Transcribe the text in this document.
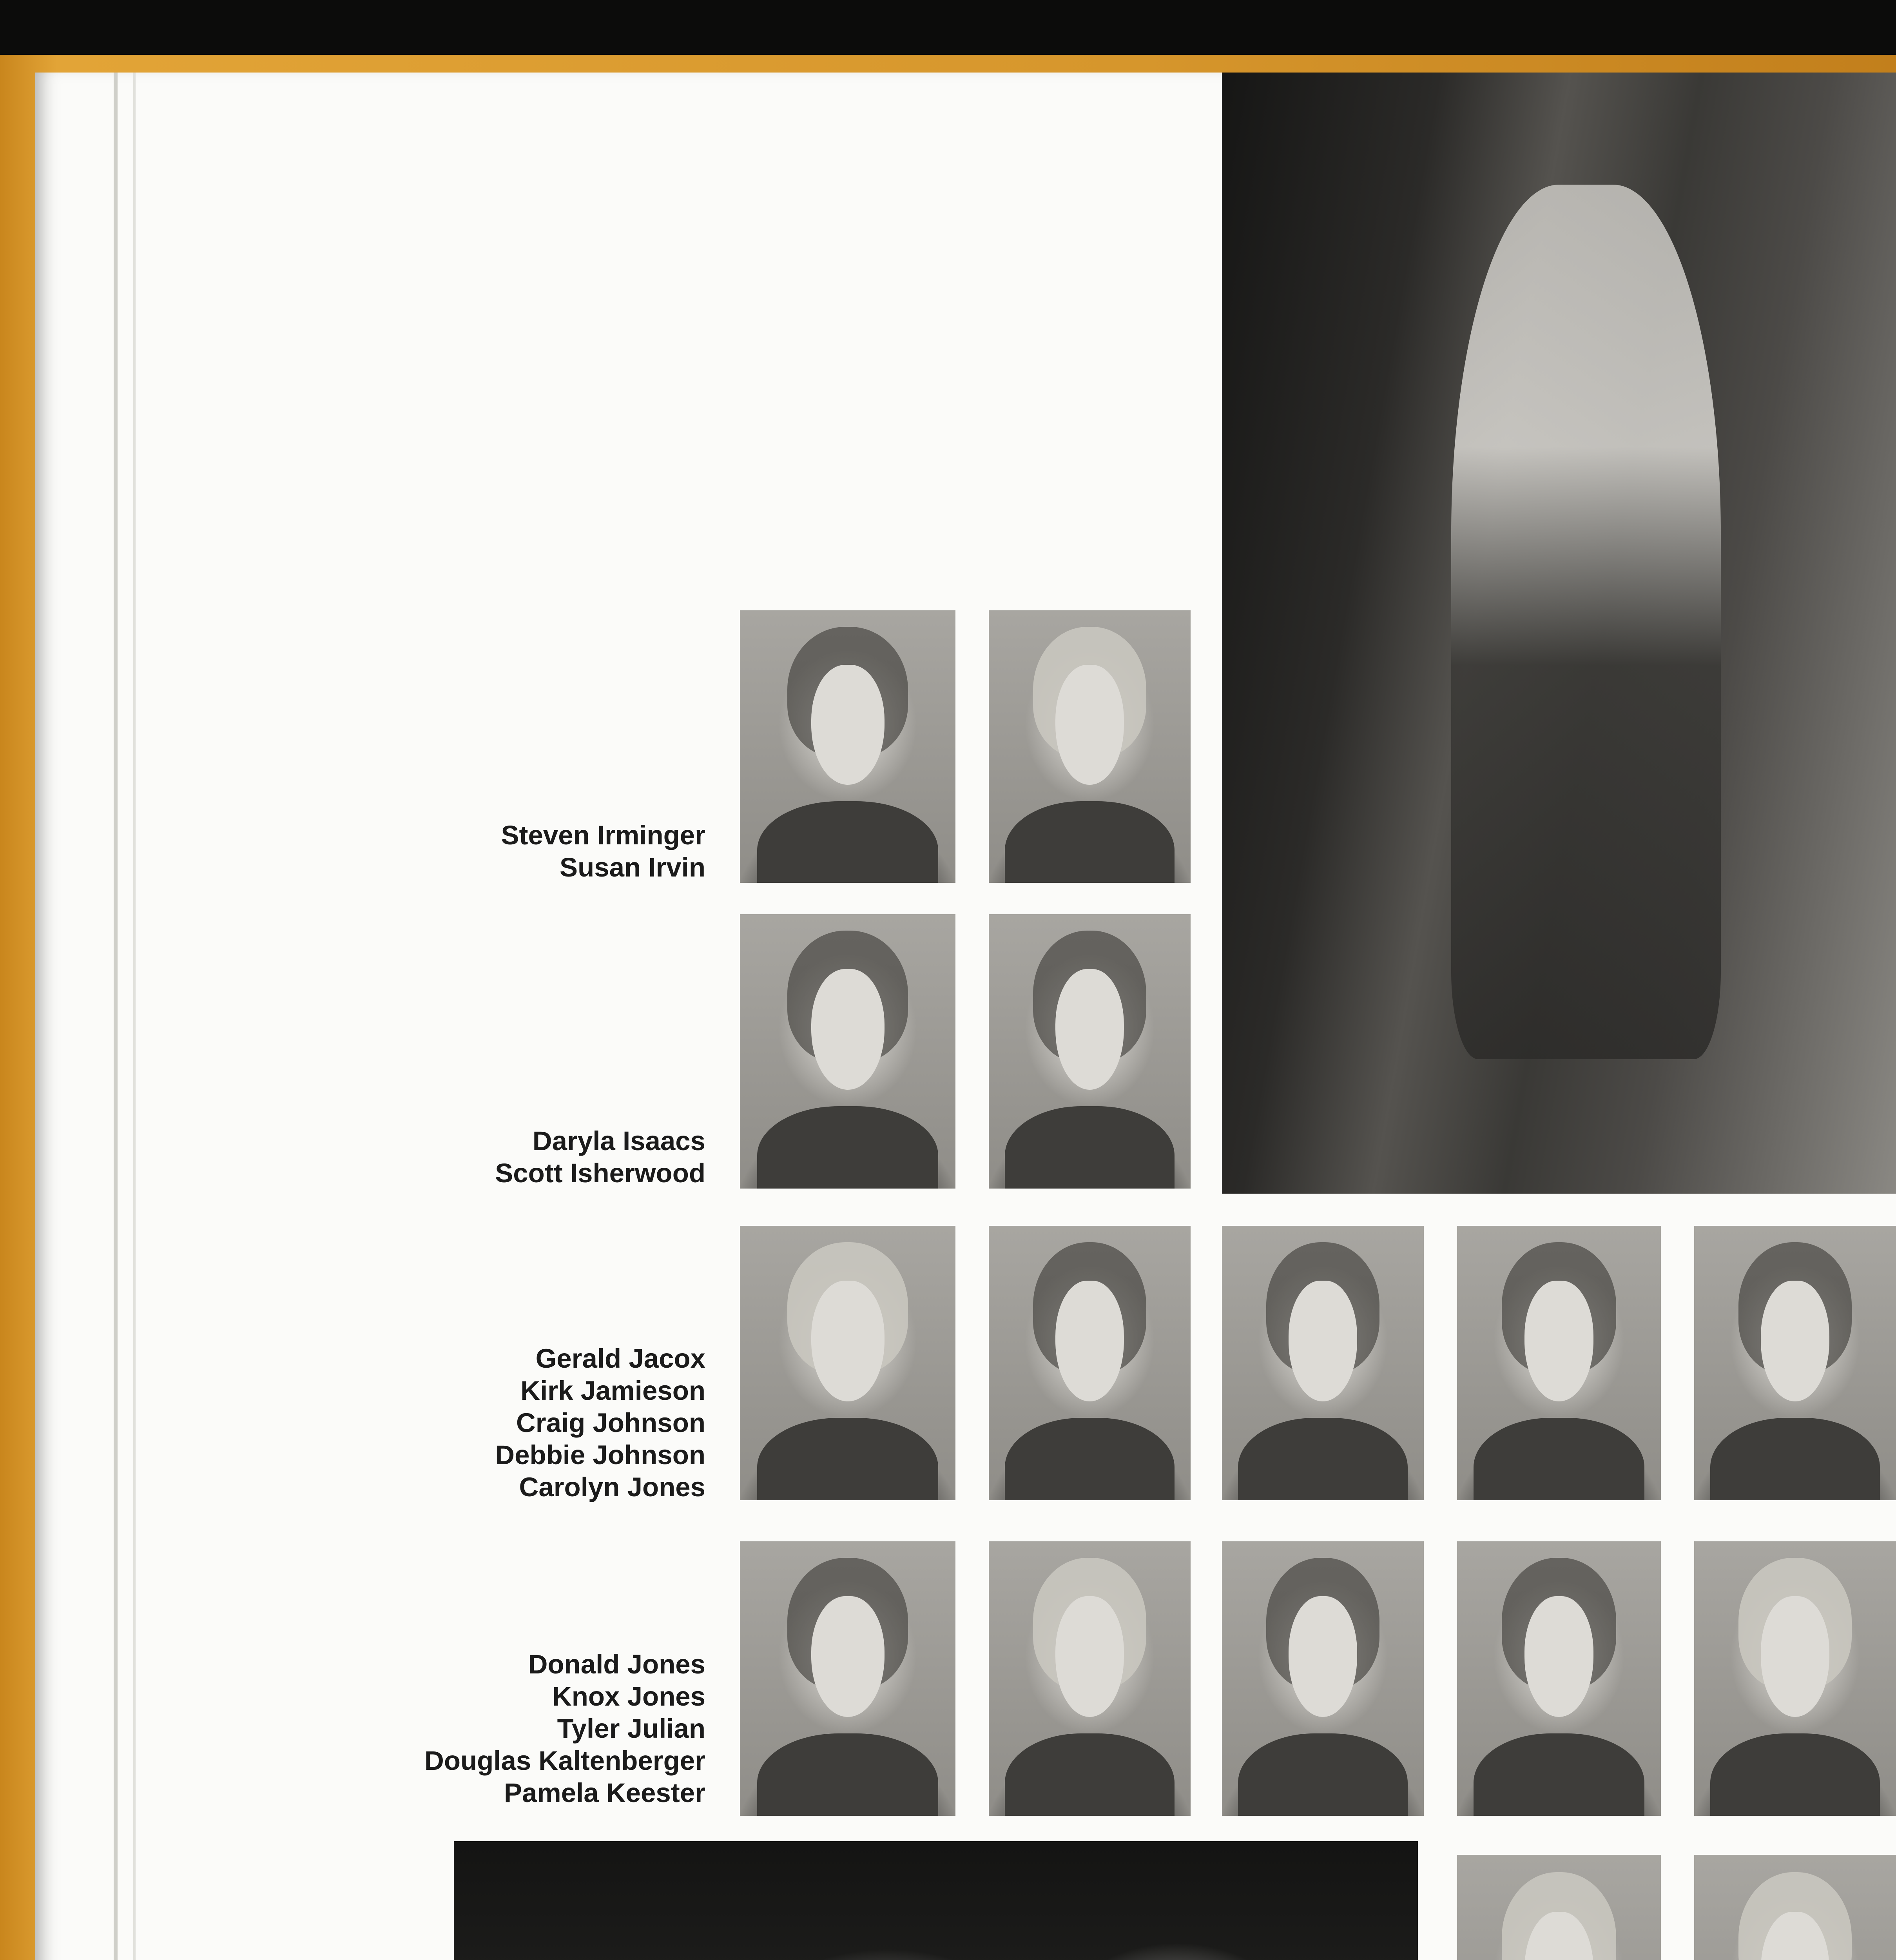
Steven Irminger
Susan Irvin
Daryla Isaacs
Scott Isherwood
Gerald Jacox
Kirk Jamieson
Craig Johnson
Debbie Johnson
Carolyn Jones
Donald Jones
Knox Jones
Tyler Julian
Douglas Kaltenberger
Pamela Keester
